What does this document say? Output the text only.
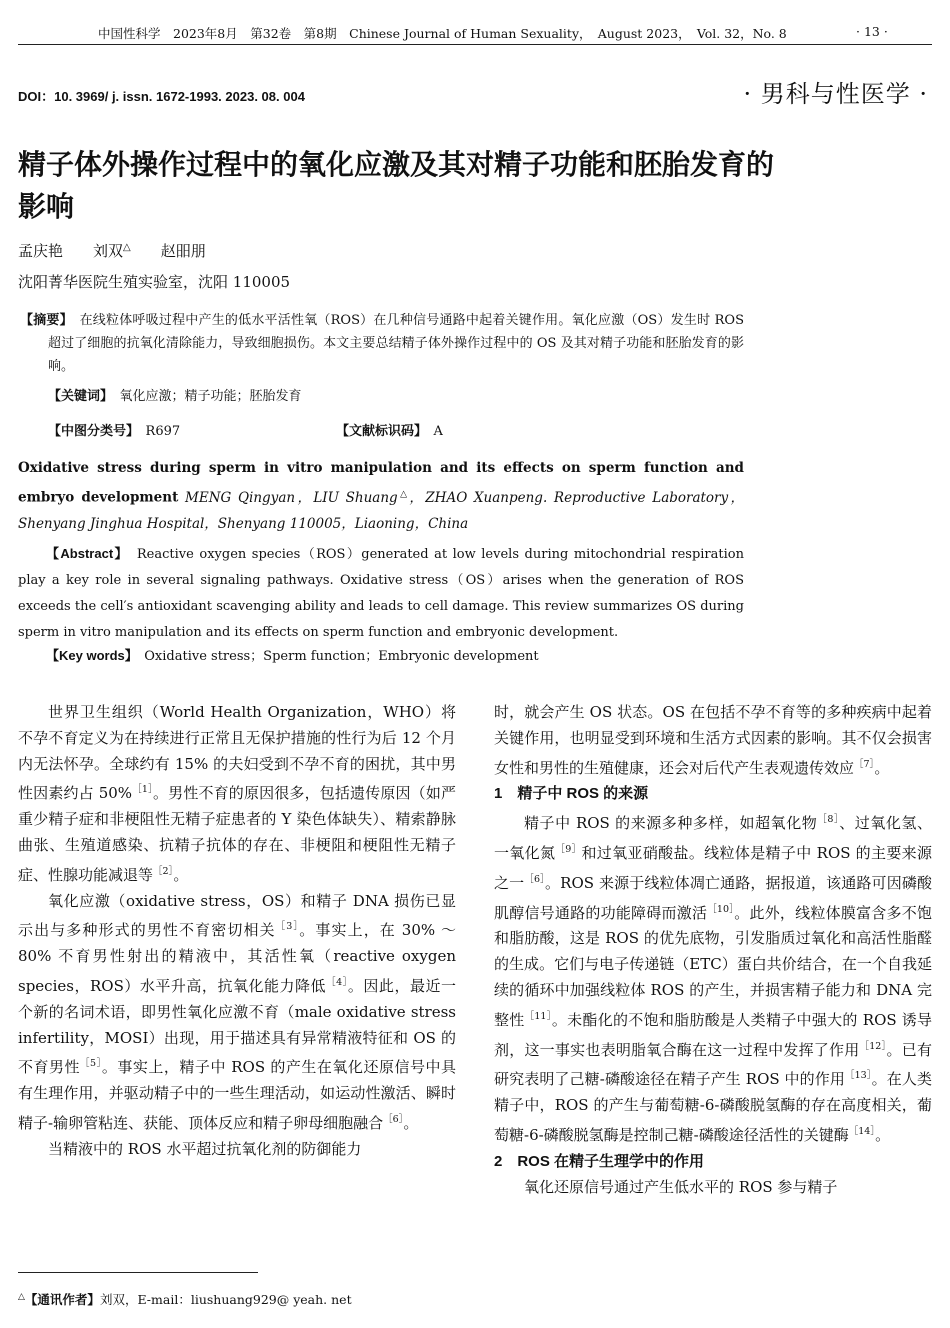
中国性科学　2023年8月　第32卷　第8期　Chinese Journal of Human Sexuality，　August 2023，　Vol. 32，No. 8	· 13 ·
DOI：10. 3969/ j. issn. 1672-1993. 2023. 08. 004	· 男科与性医学 ·
精子体外操作过程中的氧化应激及其对精子功能和胚胎发育的影响
孟庆艳　　刘双△　　赵昍朋
沈阳菁华医院生殖实验室，沈阳 110005
【摘要】　 在线粒体呼吸过程中产生的低水平活性氧（ROS）在几种信号通路中起着关键作用。氧化应激（OS）发生时 ROS 超过了细胞的抗氧化清除能力，导致细胞损伤。本文主要总结精子体外操作过程中的 OS 及其对精子功能和胚胎发育的影响。
【关键词】　 氧化应激；精子功能；胚胎发育
【中图分类号】　 R697	【文献标识码】　 A
Oxidative stress during sperm in vitro manipulation and its effects on sperm function and embryo development MENG Qingyan，LIU Shuang△，ZHAO Xuanpeng. Reproductive Laboratory，Shenyang Jinghua Hospital，Shenyang 110005，Liaoning，China
【Abstract】　 Reactive oxygen species（ROS）generated at low levels during mitochondrial respiration play a key role in several signaling pathways. Oxidative stress（OS）arises when the generation of ROS exceeds the cell′s antioxidant scavenging ability and leads to cell damage. This review summarizes OS during sperm in vitro manipulation and its effects on sperm function and embryonic development.
【Key words】　 Oxidative stress；Sperm function；Embryonic development

世界卫生组织（World Health Organization，WHO）将不孕不育定义为在持续进行正常且无保护措施的性行为后 12 个月内无法怀孕。全球约有 15% 的夫妇受到不孕不育的困扰，其中男性因素约占 50%$^{[1]}$。男性不育的原因很多，包括遗传原因（如严重少精子症和非梗阻性无精子症患者的 Y 染色体缺失）、精索静脉曲张、生殖道感染、抗精子抗体的存在、非梗阻和梗阻性无精子症、性腺功能减退等$^{[2]}$。

氧化应激（oxidative stress，OS）和精子 DNA 损伤已显示出与多种形式的男性不育密切相关$^{[3]}$。事实上，在 30% ～80% 不育男性射出的精液中，其活性氧（reactive oxygen species，ROS）水平升高，抗氧化能力降低$^{[4]}$。因此，最近一个新的名词术语，即男性氧化应激不育（male oxidative stress infertility，MOSI）出现，用于描述具有异常精液特征和 OS 的不育男性$^{[5]}$。事实上，精子中 ROS 的产生在氧化还原信号中具有生理作用，并驱动精子中的一些生理活动，如运动性激活、瞬时精子-输卵管粘连、获能、顶体反应和精子卵母细胞融合$^{[6]}$。

当精液中的 ROS 水平超过抗氧化剂的防御能力

时，就会产生 OS 状态。OS 在包括不孕不育等的多种疾病中起着关键作用，也明显受到环境和生活方式因素的影响。其不仅会损害女性和男性的生殖健康，还会对后代产生表观遗传效应$^{[7]}$。

1　精子中 ROS 的来源

精子中 ROS 的来源多种多样，如超氧化物$^{[8]}$、过氧化氢、一氧化氮$^{[9]}$和过氧亚硝酸盐。线粒体是精子中 ROS 的主要来源之一$^{[6]}$。ROS 来源于线粒体凋亡通路，据报道，该通路可因磷酸肌醇信号通路的功能障碍而激活$^{[10]}$。此外，线粒体膜富含多不饱和脂肪酸，这是 ROS 的优先底物，引发脂质过氧化和高活性脂醛的生成。它们与电子传递链（ETC）蛋白共价结合，在一个自我延续的循环中加强线粒体 ROS 的产生，并损害精子能力和 DNA 完整性$^{[11]}$。未酯化的不饱和脂肪酸是人类精子中强大的 ROS 诱导剂，这一事实也表明脂氧合酶在这一过程中发挥了作用$^{[12]}$。已有研究表明了己糖-磷酸途径在精子产生 ROS 中的作用$^{[13]}$。在人类精子中，ROS 的产生与葡萄糖-6-磷酸脱氢酶的存在高度相关，葡萄糖-6-磷酸脱氢酶是控制己糖-磷酸途径活性的关键酶$^{[14]}$。

2　ROS 在精子生理学中的作用

氧化还原信号通过产生低水平的 ROS 参与精子

△【通讯作者】刘双，E-mail：liushuang929@ yeah. net
